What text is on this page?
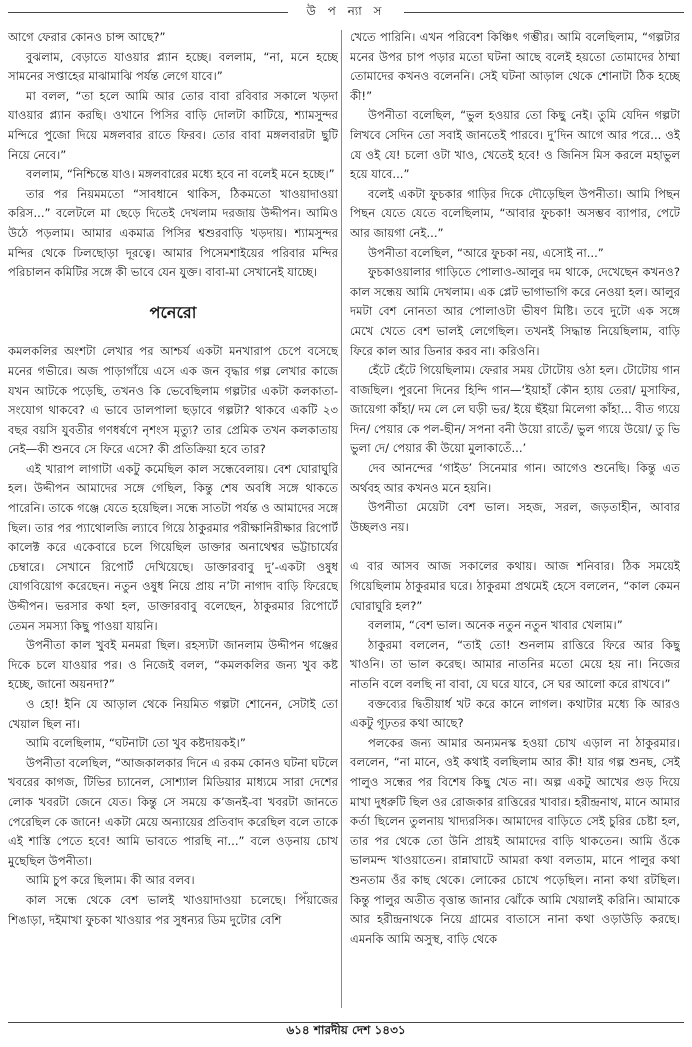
উ প ন্যা স

আগে ফেরার কোনও চান্স আছে?”

বুঝলাম, বেড়াতে যাওয়ার প্ল্যান হচ্ছে। বললাম, “না, মনে হচ্ছে সামনের সপ্তাহের মাঝামাঝি পর্যন্ত লেগে যাবে।”

মা বলল, “তা হলে আমি আর তোর বাবা রবিবার সকালে খড়দা যাওয়ার প্ল্যান করছি। ওখানে পিসির বাড়ি দোলটা কাটিয়ে, শ্যামসুন্দর মন্দিরে পুজো দিয়ে মঙ্গলবার রাতে ফিরব। তোর বাবা মঙ্গলবারটা ছুটি নিয়ে নেবে।”

বললাম, “নিশ্চিন্তে যাও। মঙ্গলবারের মধ্যে হবে না বলেই মনে হচ্ছে।”

তার পর নিয়মমতো “সাবধানে থাকিস, ঠিকমতো খাওয়াদাওয়া করিস...” বলেটলে মা ছেড়ে দিতেই দেখলাম দরজায় উদ্দীপন। আমিও উঠে পড়লাম। আমার একমাত্র পিসির শ্বশুরবাড়ি খড়দায়। শ্যামসুন্দর মন্দির থেকে ঢিলছোড়া দূরত্বে। আমার পিসেমশাইয়ের পরিবার মন্দির পরিচালন কমিটির সঙ্গে কী ভাবে যেন যুক্ত। বাবা-মা সেখানেই যাচ্ছে।

পনেরো

কমলকলির অংশটা লেখার পর আশ্চর্য একটা মনখারাপ চেপে বসেছে মনের গভীরে। অজ পাড়াগাঁয়ে এসে এক জন বৃদ্ধার গল্প লেখার কাজে যখন আটকে পড়েছি, তখনও কি ভেবেছিলাম গল্পটার একটা কলকাতা-সংযোগ থাকবে? এ ভাবে ডালপালা ছড়াবে গল্পটা? থাকবে একটি ২৩ বছর বয়সি যুবতীর গণধর্ষণে নৃশংস মৃত্যু? তার প্রেমিক তখন কলকাতায় নেই—কী শুনবে সে ফিরে এসে? কী প্রতিক্রিয়া হবে তার?

এই খারাপ লাগাটা একটু কমেছিল কাল সন্ধেবেলায়। বেশ ঘোরাঘুরি হল। উদ্দীপন আমাদের সঙ্গে গেছিল, কিন্তু শেষ অবধি সঙ্গে থাকতে পারেনি। তাকে গঞ্জে যেতে হয়েছিল। সন্ধে সাতটা পর্যন্ত ও আমাদের সঙ্গে ছিল। তার পর প্যাথোলজি ল্যাবে গিয়ে ঠাকুরমার পরীক্ষানিরীক্ষার রিপোর্ট কালেক্ট করে একেবারে চলে গিয়েছিল ডাক্তার অনাথেশ্বর ভট্টাচার্যের চেম্বারে। সেখানে রিপোর্ট দেখিয়েছে। ডাক্তারবাবু দু’-একটা ওষুধ যোগবিয়োগ করেছেন। নতুন ওষুধ নিয়ে প্রায় ন’টা নাগাদ বাড়ি ফিরেছে উদ্দীপন। ভরসার কথা হল, ডাক্তারবাবু বলেছেন, ঠাকুরমার রিপোর্টে তেমন সমস্যা কিছু পাওয়া যায়নি।

উপনীতা কাল খুবই মনমরা ছিল। রহস্যটা জানলাম উদ্দীপন গঞ্জের দিকে চলে যাওয়ার পর। ও নিজেই বলল, “কমলকলির জন্য খুব কষ্ট হচ্ছে, জানো অয়নদা?”

ও হো! ইনি যে আড়াল থেকে নিয়মিত গল্পটা শোনেন, সেটাই তো খেয়াল ছিল না।

আমি বলেছিলাম, “ঘটনাটা তো খুব কষ্টদায়কই।”

উপনীতা বলেছিল, “আজকালকার দিনে এ রকম কোনও ঘটনা ঘটলে খবরের কাগজ, টিভির চ্যানেল, সোশ্যাল মিডিয়ার মাধ্যমে সারা দেশের লোক খবরটা জেনে যেত। কিন্তু সে সময়ে ক’জনই-বা খবরটা জানতে পেরেছিল কে জানে! একটা মেয়ে অন্যায়ের প্রতিবাদ করেছিল বলে তাকে এই শাস্তি পেতে হবে! আমি ভাবতে পারছি না...” বলে ওড়নায় চোখ মুছেছিল উপনীতা।

আমি চুপ করে ছিলাম। কী আর বলব।

কাল সন্ধে থেকে বেশ ভালই খাওয়াদাওয়া চলেছে। পিঁয়াজের শিঙাড়া, দইমাখা ফুচকা খাওয়ার পর সুধন্যর ডিম দুটোর বেশি

খেতে পারিনি। এখন পরিবেশ কিঞ্চিৎ গম্ভীর। আমি বলেছিলাম, “গল্পটার মনের উপর চাপ পড়ার মতো ঘটনা আছে বলেই হয়তো তোমাদের ঠাম্মা তোমাদের কখনও বলেননি। সেই ঘটনা আড়াল থেকে শোনাটা ঠিক হচ্ছে কী!”

উপনীতা বলেছিল, “ভুল হওয়ার তো কিছু নেই। তুমি যেদিন গল্পটা লিখবে সেদিন তো সবাই জানতেই পারবে। দু’দিন আগে আর পরে... ওই যে ওই যে! চলো ওটা খাও, খেতেই হবে! ও জিনিস মিস করলে মহাভুল হয়ে যাবে...”

বলেই একটা ফুচকার গাড়ির দিকে দৌড়েছিল উপনীতা। আমি পিছন পিছন যেতে যেতে বলেছিলাম, “আবার ফুচকা! অসম্ভব ব্যাপার, পেটে আর জায়গা নেই...”

উপনীতা বলেছিল, “আরে ফুচকা নয়, এসোই না...”

ফুচকাওয়ালার গাড়িতে পোলাও-আলুর দম থাকে, দেখেছেন কখনও? কাল সন্ধেয় আমি দেখলাম। এক প্লেট ভাগাভাগি করে নেওয়া হল। আলুর দমটা বেশ নোনতা আর পোলাওটা ভীষণ মিষ্টি। তবে দুটো এক সঙ্গে মেখে খেতে বেশ ভালই লেগেছিল। তখনই সিদ্ধান্ত নিয়েছিলাম, বাড়ি ফিরে কাল আর ডিনার করব না। করিওনি।

হেঁটে হেঁটে গিয়েছিলাম। ফেরার সময় টোটোয় ওঠা হল। টোটোয় গান বাজছিল। পুরনো দিনের হিন্দি গান—‘ইয়াহাঁ কৌন হ্যায় তেরা/ মুসাফির, জায়েগা কাঁহা/ দম লে লে ঘড়ী ভর/ ইয়ে ছঁইয়া মিলেগা কাঁহা... বীত গ্যয়ে দিন/ পেয়ার কে পল-ছীন/ সপনা বনী উয়ো রাতেঁ/ ভুল গ্যয়ে উয়ো/ তু ভি ভুলা দে/ পেয়ার কী উয়ো মুলাকাতেঁ...’

দেব আনন্দের ‘গাইড’ সিনেমার গান। আগেও শুনেছি। কিন্তু এত অর্থবহ আর কখনও মনে হয়নি।

উপনীতা মেয়েটা বেশ ভাল। সহজ, সরল, জড়তাহীন, আবার উচ্ছলও নয়।

এ বার আসব আজ সকালের কথায়। আজ শনিবার। ঠিক সময়েই গিয়েছিলাম ঠাকুরমার ঘরে। ঠাকুরমা প্রথমেই হেসে বললেন, “কাল কেমন ঘোরাঘুরি হল?”

বললাম, “বেশ ভাল। অনেক নতুন নতুন খাবার খেলাম।”

ঠাকুরমা বললেন, “তাই তো! শুনলাম রাত্তিরে ফিরে আর কিছু খাওনি। তা ভাল করেছ। আমার নাতনির মতো মেয়ে হয় না। নিজের নাতনি বলে বলছি না বাবা, যে ঘরে যাবে, সে ঘর আলো করে রাখবে।”

বক্তব্যের দ্বিতীয়ার্ধ খট করে কানে লাগল। কথাটার মধ্যে কি আরও একটু গূঢ়তর কথা আছে?

পলকের জন্য আমার অন্যমনস্ক হওয়া চোখ এড়াল না ঠাকুরমার। বললেন, “না মানে, ওই কথাই বলছিলাম আর কী! যার গল্প শুনছ, সেই পালুও সন্ধের পর বিশেষ কিছু খেত না। অল্প একটু আখের গুড় দিয়ে মাখা দুধরুটি ছিল ওর রোজকার রাত্তিরের খাবার। হরীন্দ্রনাথ, মানে আমার কর্তা ছিলেন তুলনায় খাদ্যরসিক। আমাদের বাড়িতে সেই চুরির চেষ্টা হল, তার পর থেকে তো উনি প্রায়ই আমাদের বাড়ি থাকতেন। আমি ওঁকে ভালমন্দ খাওয়াতেন। রান্নাঘাটে আমরা কথা বলতাম, মানে পালুর কথা শুনতাম ওঁর কাছ থেকে। লোকের চোখে পড়েছিল। নানা কথা রটছিল। কিন্তু পালুর অতীত বৃত্তান্ত জানার ঝোঁকে আমি খেয়ালই করিনি। আমাকে আর হরীন্দ্রনাথকে নিয়ে গ্রামের বাতাসে নানা কথা ওড়াউড়ি করছে। এমনকি আমি অসুস্থ, বাড়ি থেকে

৬১৪ শারদীয় দেশ ১৪৩১
